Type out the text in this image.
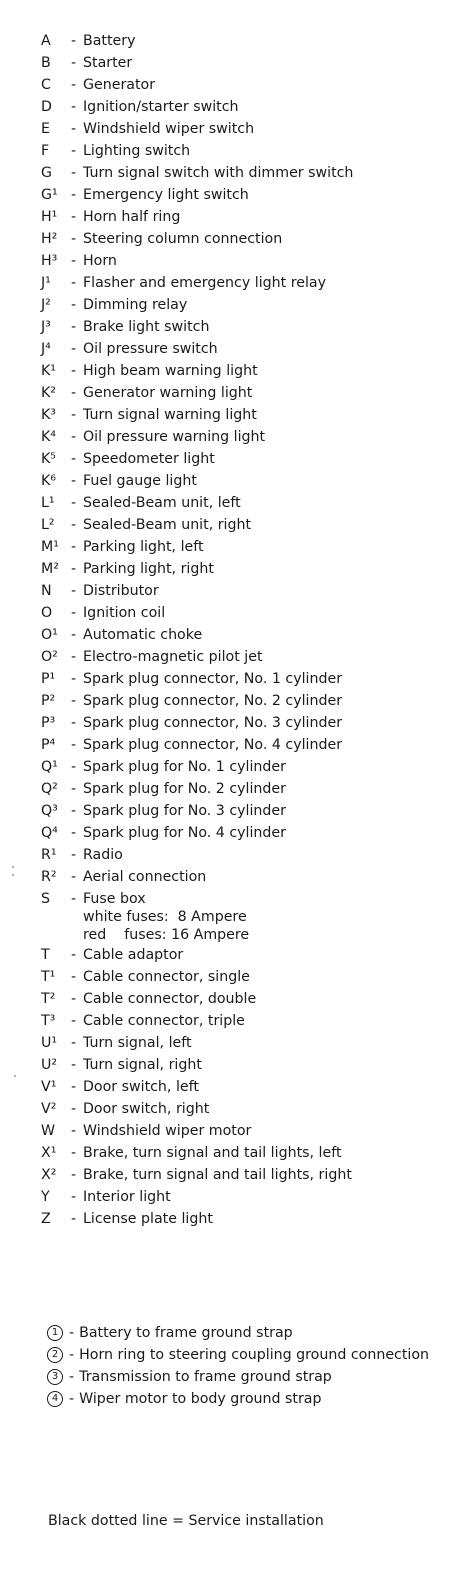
A	- Battery
B	- Starter
C	- Generator
D	- Ignition/starter switch
E	- Windshield wiper switch
F	- Lighting switch
G	- Turn signal switch with dimmer switch
G¹ - Emergency light switch
H¹ - Horn half ring
H² - Steering column connection
H³ - Horn
J¹	- Flasher and emergency light relay
J²	- Dimming relay
J³	- Brake light switch
J⁴	- Oil pressure switch
K¹	- High beam warning light
K²	- Generator warning light
K³	- Turn signal warning light
K⁴	- Oil pressure warning light
K⁵	- Speedometer light
K⁶	- Fuel gauge light
L¹	- Sealed-Beam unit, left
L²	- Sealed-Beam unit, right
M¹ - Parking light, left
M² - Parking light, right
N	- Distributor
O	- Ignition coil
O¹ - Automatic choke
O² - Electro-magnetic pilot jet
P¹	- Spark plug connector, No. 1 cylinder
P²	- Spark plug connector, No. 2 cylinder
P³	- Spark plug connector, No. 3 cylinder
P⁴	- Spark plug connector, No. 4 cylinder
Q¹ - Spark plug for No. 1 cylinder
Q² - Spark plug for No. 2 cylinder
Q³ - Spark plug for No. 3 cylinder
Q⁴ - Spark plug for No. 4 cylinder
R¹	- Radio
R²	- Aerial connection
S	- Fuse box
white fuses:  8 Ampere
red    fuses: 16 Ampere
T	- Cable adaptor
T¹	- Cable connector, single
T²	- Cable connector, double
T³	- Cable connector, triple
U¹ - Turn signal, left
U² - Turn signal, right
V¹	- Door switch, left
V²	- Door switch, right
W	- Windshield wiper motor
X¹	- Brake, turn signal and tail lights, left
X²	- Brake, turn signal and tail lights, right
Y	- Interior light
Z	- License plate light
1 - Battery to frame ground strap
2 - Horn ring to steering coupling ground connection
3 - Transmission to frame ground strap
4 - Wiper motor to body ground strap
Black dotted line = Service installation
